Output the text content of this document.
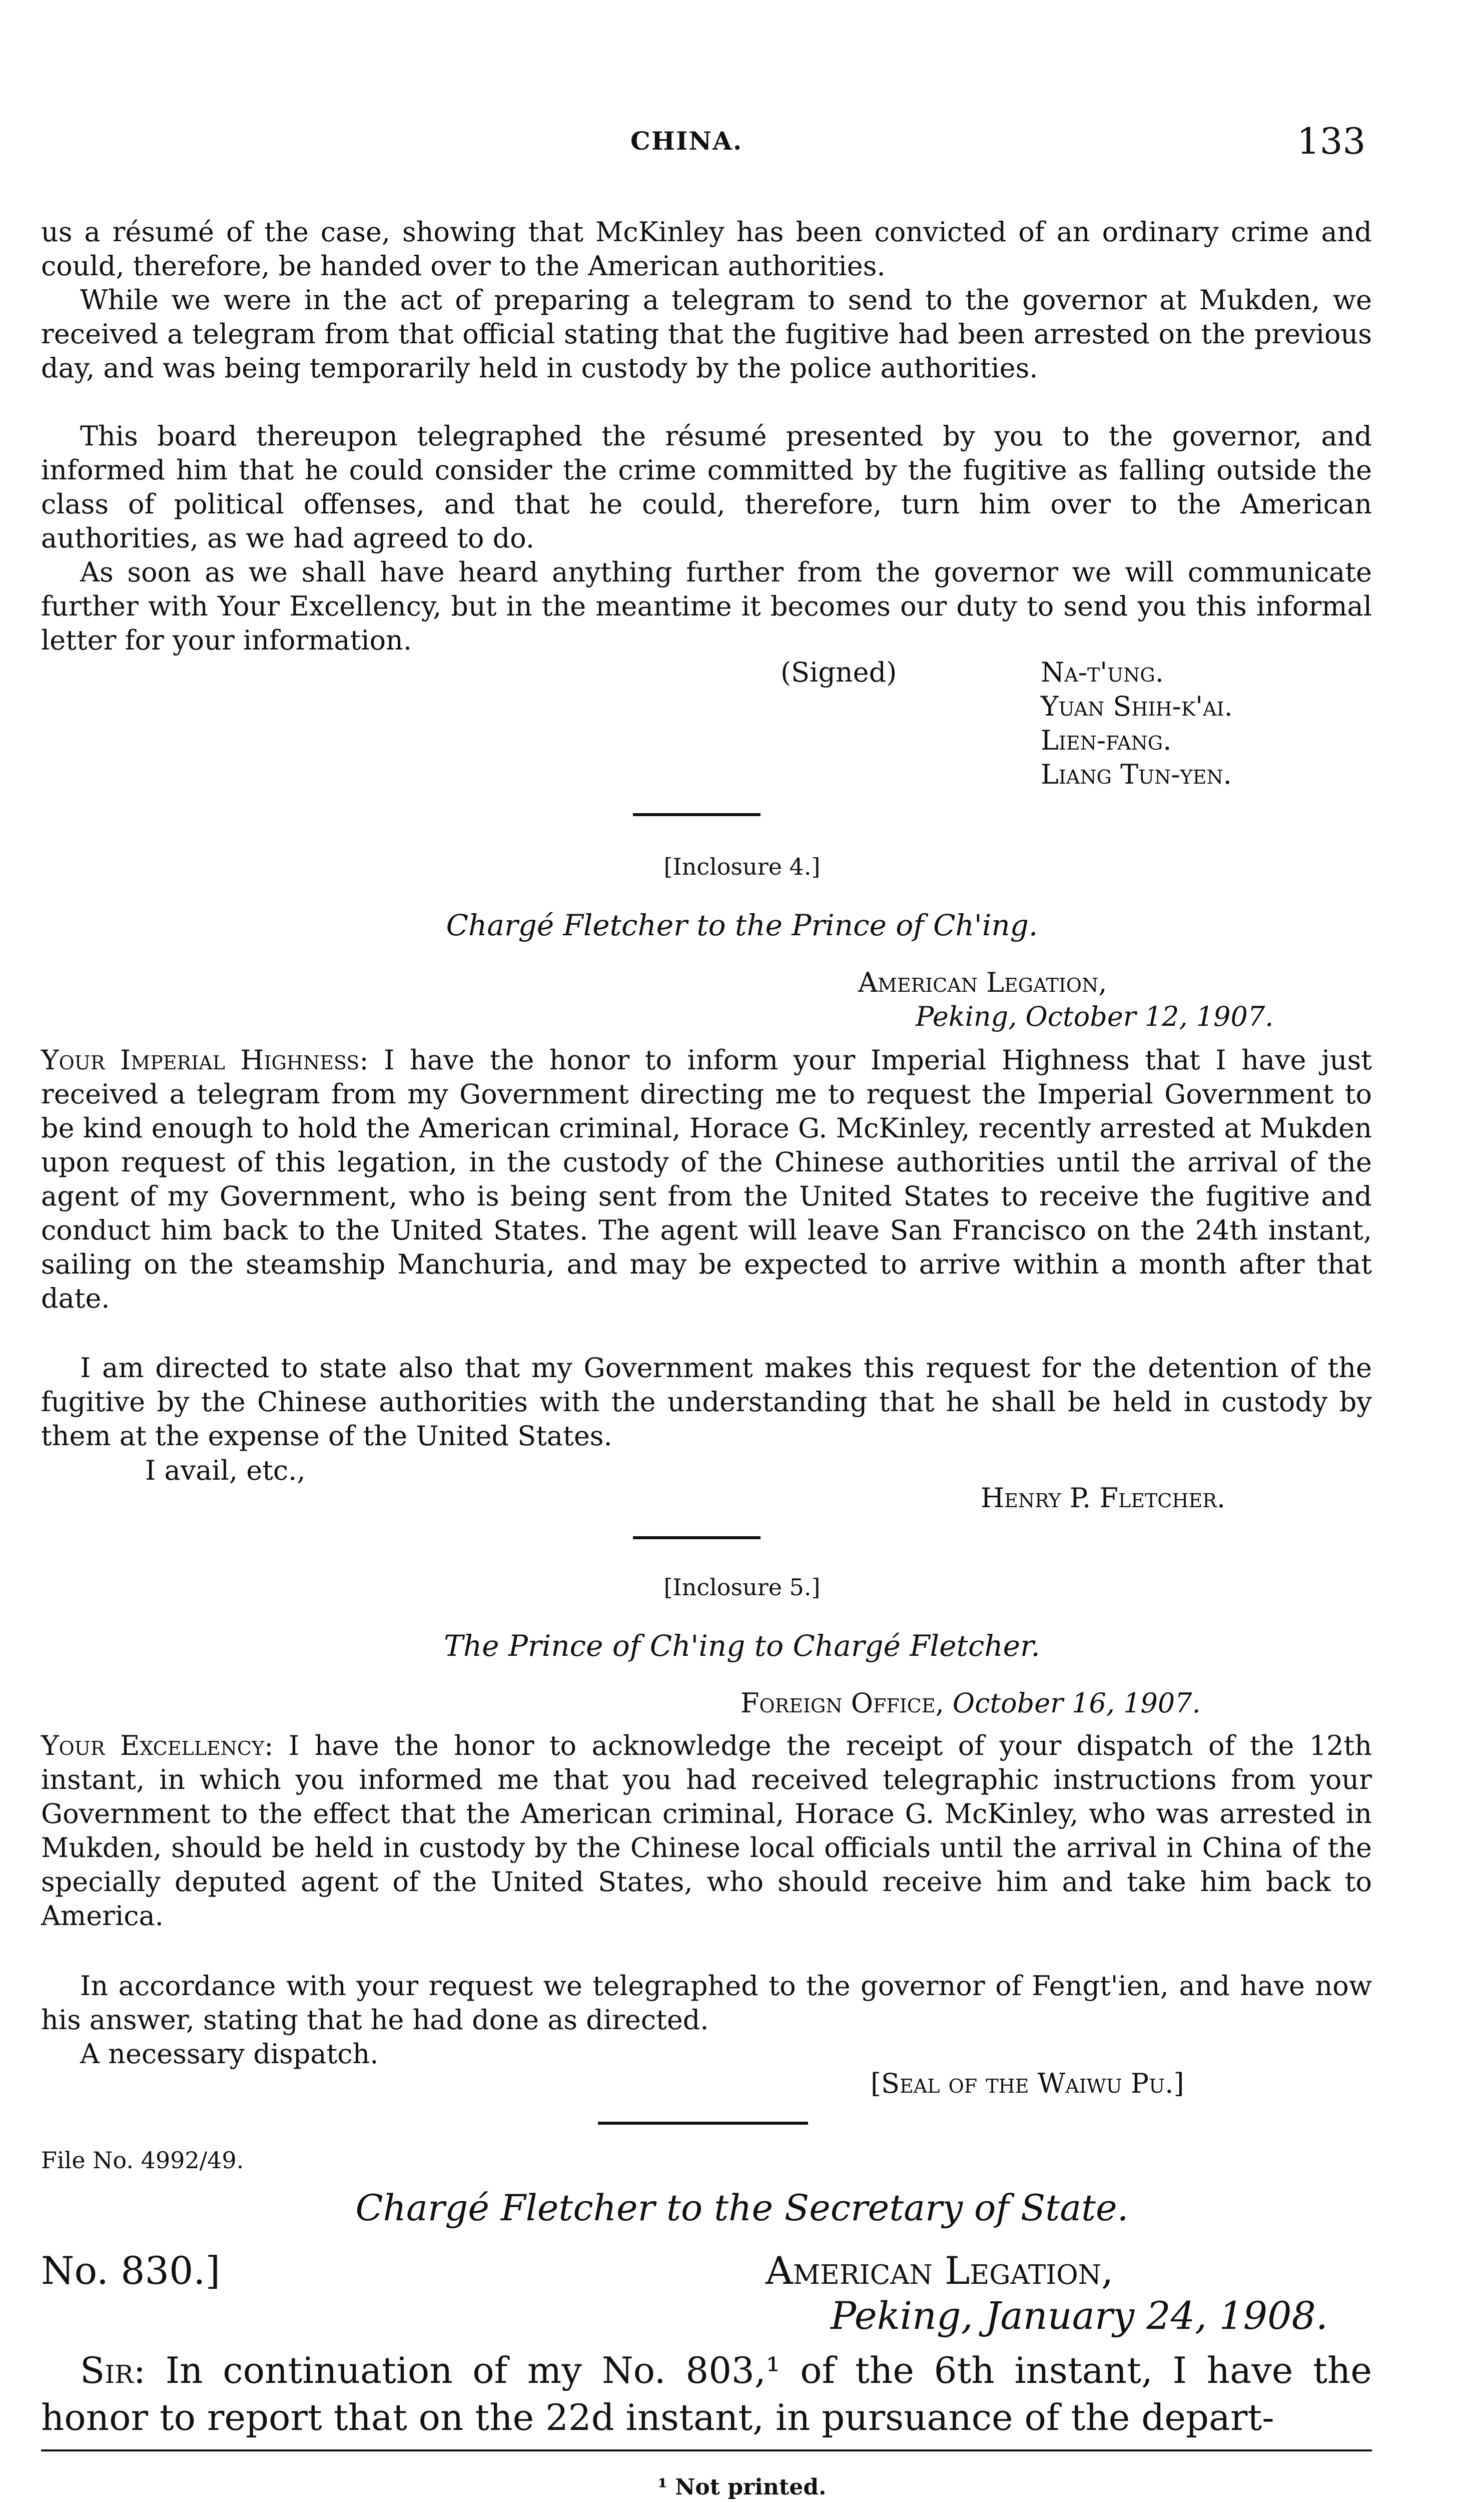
CHINA.	133
us a résumé of the case, showing that McKinley has been convicted of an ordinary crime and could, therefore, be handed over to the American authorities.
While we were in the act of preparing a telegram to send to the governor at Mukden, we received a telegram from that official stating that the fugitive had been arrested on the previous day, and was being temporarily held in custody by the police authorities.
This board thereupon telegraphed the résumé presented by you to the governor, and informed him that he could consider the crime committed by the fugitive as falling outside the class of political offenses, and that he could, therefore, turn him over to the American authorities, as we had agreed to do.
As soon as we shall have heard anything further from the governor we will communicate further with Your Excellency, but in the meantime it becomes our duty to send you this informal letter for your information.
(Signed)	Na-t'ung.
Yuan Shih-k'ai.
Lien-fang.
Liang Tun-yen.
[Inclosure 4.]
Chargé Fletcher to the Prince of Ch'ing.
American Legation,
Peking, October 12, 1907.
Your Imperial Highness: I have the honor to inform your Imperial Highness that I have just received a telegram from my Government directing me to request the Imperial Government to be kind enough to hold the American criminal, Horace G. McKinley, recently arrested at Mukden upon request of this legation, in the custody of the Chinese authorities until the arrival of the agent of my Government, who is being sent from the United States to receive the fugitive and conduct him back to the United States. The agent will leave San Francisco on the 24th instant, sailing on the steamship Manchuria, and may be expected to arrive within a month after that date.
I am directed to state also that my Government makes this request for the detention of the fugitive by the Chinese authorities with the understanding that he shall be held in custody by them at the expense of the United States.
I avail, etc.,
Henry P. Fletcher.
[Inclosure 5.]
The Prince of Ch'ing to Chargé Fletcher.
Foreign Office, October 16, 1907.
Your Excellency: I have the honor to acknowledge the receipt of your dispatch of the 12th instant, in which you informed me that you had received telegraphic instructions from your Government to the effect that the American criminal, Horace G. McKinley, who was arrested in Mukden, should be held in custody by the Chinese local officials until the arrival in China of the specially deputed agent of the United States, who should receive him and take him back to America.
In accordance with your request we telegraphed to the governor of Fengt'ien, and have now his answer, stating that he had done as directed.
A necessary dispatch.
[Seal of the Waiwu Pu.]
File No. 4992/49.
Chargé Fletcher to the Secretary of State.
No. 830.]	American Legation,
Peking, January 24, 1908.
Sir: In continuation of my No. 803,¹ of the 6th instant, I have the honor to report that on the 22d instant, in pursuance of the depart-
¹ Not printed.
